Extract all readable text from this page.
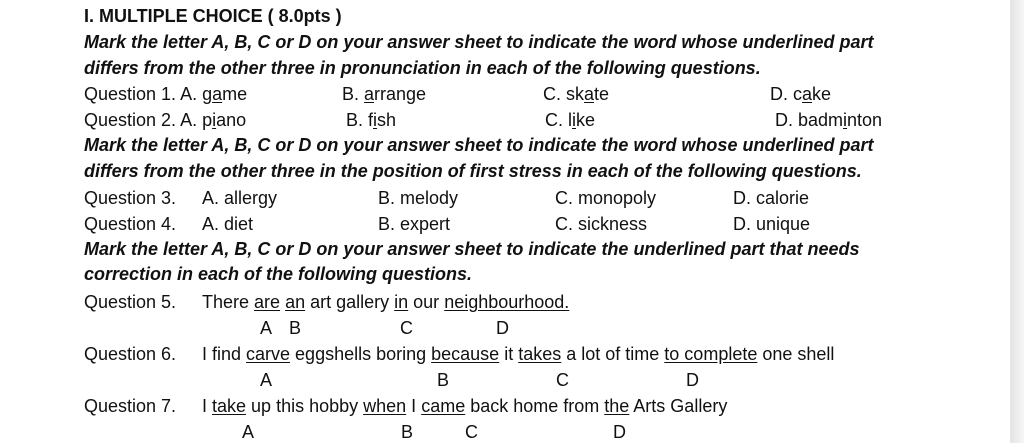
I. MULTIPLE CHOICE ( 8.0pts )
Mark the letter A, B, C or D on your answer sheet to indicate the word whose underlined part
differs from the other three in pronunciation in each of the following questions.
Question 1. A. game	B. arrange	C. skate	D. cake
Question 2. A. piano	B. fish	C. like	D. badminton
Mark the letter A, B, C or D on your answer sheet to indicate the word whose underlined part
differs from the other three in the position of first stress in each of the following questions.
Question 3. A. allergy	B. melody	C. monopoly	D. calorie
Question 4. A. diet	B. expert	C. sickness	D. unique
Mark the letter A, B, C or D on your answer sheet to indicate the underlined part that needs
correction in each of the following questions.
Question 5. There are an art gallery in our neighbourhood.
A B	C	D
Question 6. I find carve eggshells boring because it takes a lot of time to complete one shell
A	B	C	D
Question 7. I take up this hobby when I came back home from the Arts Gallery
A	B	C	D
